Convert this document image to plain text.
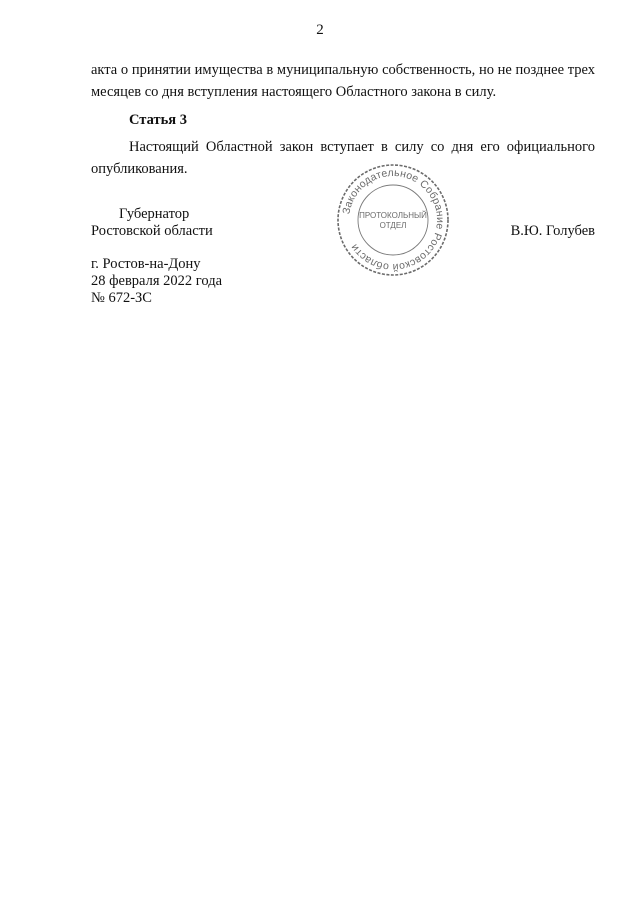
2
акта о принятии имущества в муниципальную собственность, но не позднее трех месяцев со дня вступления настоящего Областного закона в силу.
Статья 3
Настоящий Областной закон вступает в силу со дня его официального опубликования.
Губернатор
Ростовской области	В.Ю. Голубев
Законодательное Собрание Ростовской области
ПРОТОКОЛЬНЫЙ
ОТДЕЛ
г. Ростов-на-Дону
28 февраля 2022 года
№ 672-ЗС
